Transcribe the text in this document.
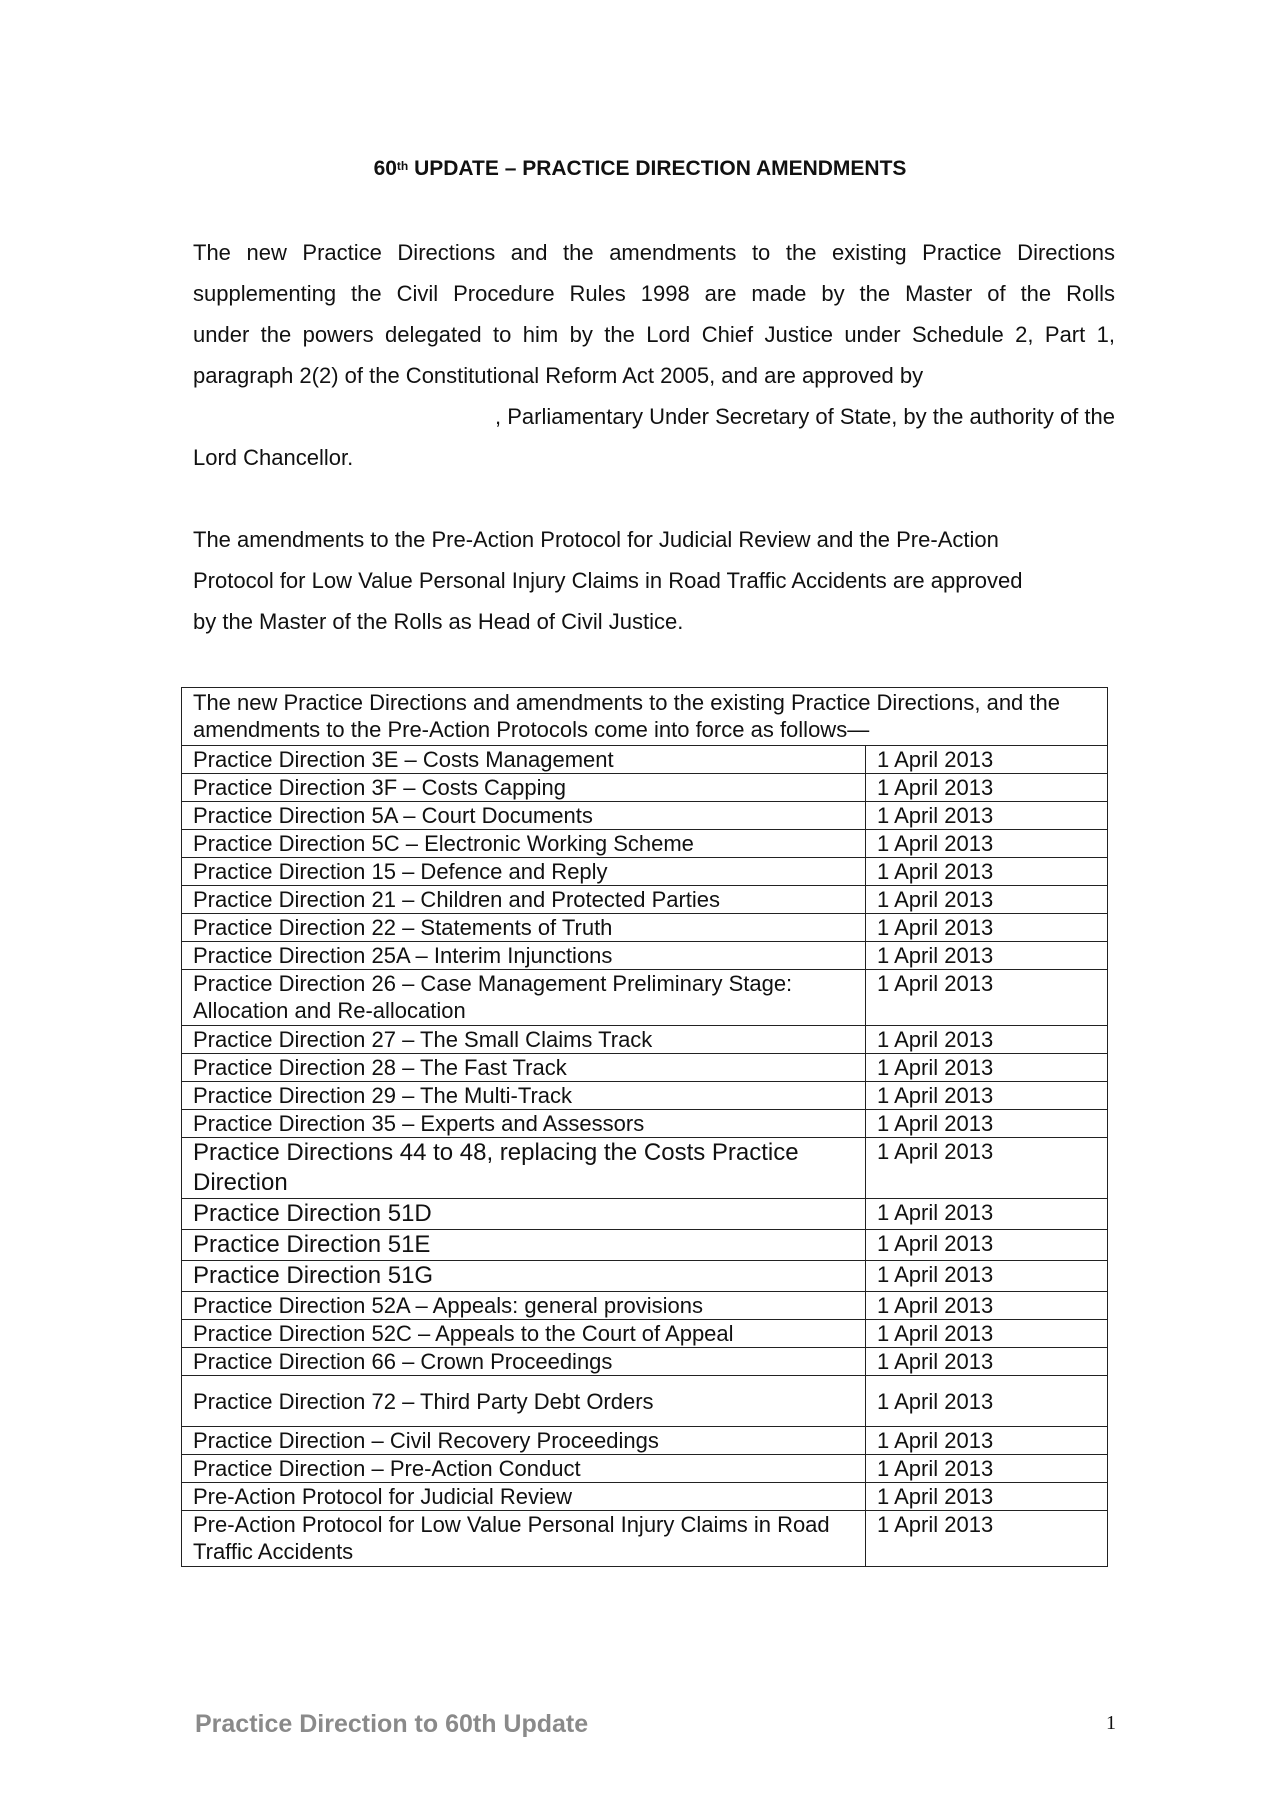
60th UPDATE – PRACTICE DIRECTION AMENDMENTS
The new Practice Directions and the amendments to the existing Practice Directions
supplementing the Civil Procedure Rules 1998 are made by the Master of the Rolls
under the powers delegated to him by the Lord Chief Justice under Schedule 2, Part 1,
paragraph 2(2) of the Constitutional Reform Act 2005, and are approved by
, Parliamentary Under Secretary of State, by the authority of the
Lord Chancellor.
The amendments to the Pre-Action Protocol for Judicial Review and the Pre-Action
Protocol for Low Value Personal Injury Claims in Road Traffic Accidents are approved
by the Master of the Rolls as Head of Civil Justice.
The new Practice Directions and amendments to the existing Practice Directions, and the amendments to the Pre-Action Protocols come into force as follows—	
Practice Direction 3E – Costs Management	1 April 2013
Practice Direction 3F – Costs Capping	1 April 2013
Practice Direction 5A – Court Documents	1 April 2013
Practice Direction 5C – Electronic Working Scheme	1 April 2013
Practice Direction 15 – Defence and Reply	1 April 2013
Practice Direction 21 – Children and Protected Parties	1 April 2013
Practice Direction 22 – Statements of Truth	1 April 2013
Practice Direction 25A – Interim Injunctions	1 April 2013
Practice Direction 26 – Case Management Preliminary Stage: Allocation and Re-allocation	1 April 2013
Practice Direction 27 – The Small Claims Track	1 April 2013
Practice Direction 28 – The Fast Track	1 April 2013
Practice Direction 29 – The Multi-Track	1 April 2013
Practice Direction 35 – Experts and Assessors	1 April 2013
Practice Directions 44 to 48, replacing the Costs Practice Direction	1 April 2013
Practice Direction 51D	1 April 2013
Practice Direction 51E	1 April 2013
Practice Direction 51G	1 April 2013
Practice Direction 52A – Appeals: general provisions	1 April 2013
Practice Direction 52C – Appeals to the Court of Appeal	1 April 2013
Practice Direction 66 – Crown Proceedings	1 April 2013
Practice Direction 72 – Third Party Debt Orders	1 April 2013
Practice Direction – Civil Recovery Proceedings	1 April 2013
Practice Direction – Pre-Action Conduct	1 April 2013
Pre-Action Protocol for Judicial Review	1 April 2013
Pre-Action Protocol for Low Value Personal Injury Claims in Road Traffic Accidents	1 April 2013
Practice Direction to 60th Update	1
